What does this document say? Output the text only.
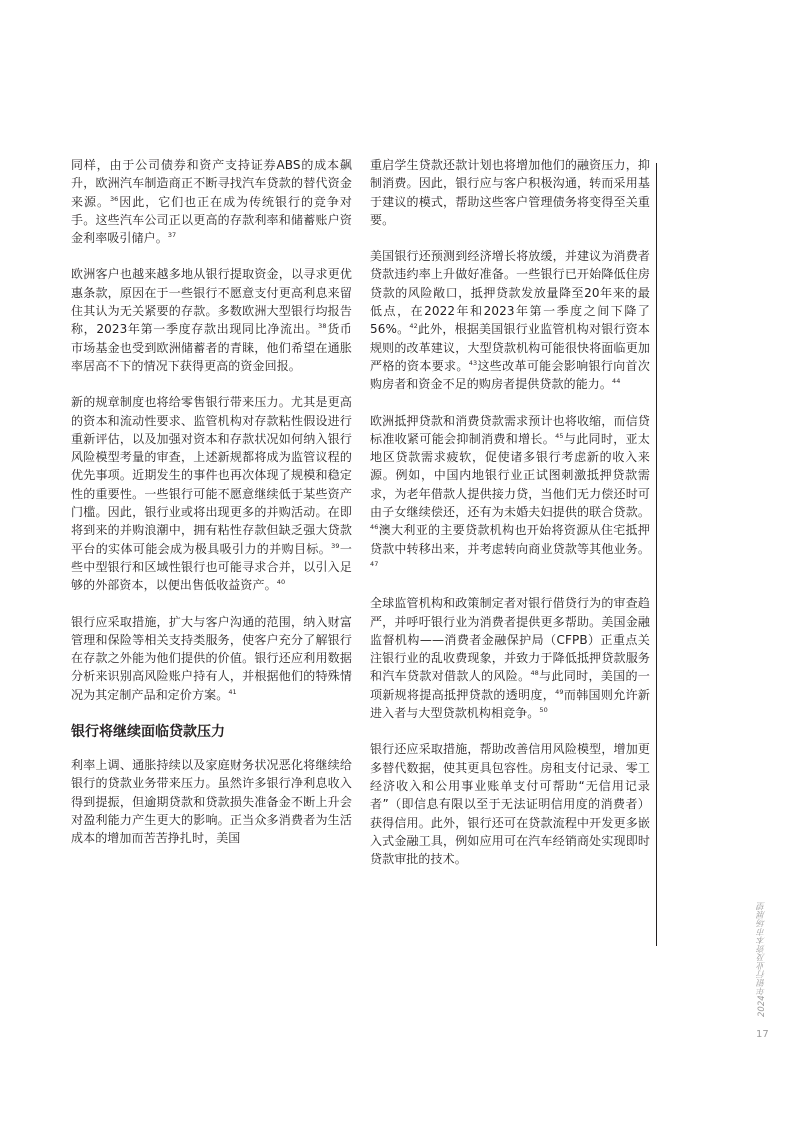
同样，由于公司债券和资产支持证券ABS的成本飙升，欧洲汽车制造商正不断寻找汽车贷款的替代资金来源。$^{36}$因此，它们也正在成为传统银行的竞争对手。这些汽车公司正以更高的存款利率和储蓄账户资金利率吸引储户。$^{37}$

欧洲客户也越来越多地从银行提取资金，以寻求更优惠条款，原因在于一些银行不愿意支付更高利息来留住其认为无关紧要的存款。多数欧洲大型银行均报告称，2023年第一季度存款出现同比净流出。$^{38}$货币市场基金也受到欧洲储蓄者的青睐，他们希望在通胀率居高不下的情况下获得更高的资金回报。

新的规章制度也将给零售银行带来压力。尤其是更高的资本和流动性要求、监管机构对存款粘性假设进行重新评估，以及加强对资本和存款状况如何纳入银行风险模型考量的审查，上述新规都将成为监管议程的优先事项。近期发生的事件也再次体现了规模和稳定性的重要性。一些银行可能不愿意继续低于某些资产门槛。因此，银行业或将出现更多的并购活动。在即将到来的并购浪潮中，拥有粘性存款但缺乏强大贷款平台的实体可能会成为极具吸引力的并购目标。$^{39}$一些中型银行和区域性银行也可能寻求合并，以引入足够的外部资本，以便出售低收益资产。$^{40}$

银行应采取措施，扩大与客户沟通的范围，纳入财富管理和保险等相关支持类服务，使客户充分了解银行在存款之外能为他们提供的价值。银行还应利用数据分析来识别高风险账户持有人，并根据他们的特殊情况为其定制产品和定价方案。$^{41}$

银行将继续面临贷款压力

利率上调、通胀持续以及家庭财务状况恶化将继续给银行的贷款业务带来压力。虽然许多银行净利息收入得到提振，但逾期贷款和贷款损失准备金不断上升会对盈利能力产生更大的影响。正当众多消费者为生活成本的增加而苦苦挣扎时，美国

重启学生贷款还款计划也将增加他们的融资压力，抑制消费。因此，银行应与客户积极沟通，转而采用基于建议的模式，帮助这些客户管理债务将变得至关重要。

美国银行还预测到经济增长将放缓，并建议为消费者贷款违约率上升做好准备。一些银行已开始降低住房贷款的风险敞口，抵押贷款发放量降至20年来的最低点，在2022年和2023年第一季度之间下降了56%。$^{42}$此外，根据美国银行业监管机构对银行资本规则的改革建议，大型贷款机构可能很快将面临更加严格的资本要求。$^{43}$这些改革可能会影响银行向首次购房者和资金不足的购房者提供贷款的能力。$^{44}$

欧洲抵押贷款和消费贷款需求预计也将收缩，而信贷标准收紧可能会抑制消费和增长。$^{45}$与此同时，亚太地区贷款需求疲软，促使诸多银行考虑新的收入来源。例如，中国内地银行业正试图刺激抵押贷款需求，为老年借款人提供接力贷，当他们无力偿还时可由子女继续偿还，还有为未婚夫妇提供的联合贷款。$^{46}$澳大利亚的主要贷款机构也开始将资源从住宅抵押贷款中转移出来，并考虑转向商业贷款等其他业务。$^{47}$

全球监管机构和政策制定者对银行借贷行为的审查趋严，并呼吁银行业为消费者提供更多帮助。美国金融监督机构——消费者金融保护局（CFPB）正重点关注银行业的乱收费现象，并致力于降低抵押贷款服务和汽车贷款对借款人的风险。$^{48}$与此同时，美国的一项新规将提高抵押贷款的透明度，$^{49}$而韩国则允许新进入者与大型贷款机构相竞争。$^{50}$

银行还应采取措施，帮助改善信用风险模型，增加更多替代数据，使其更具包容性。房租支付记录、零工经济收入和公用事业账单支付可帮助“无信用记录者”（即信息有限以至于无法证明信用度的消费者）获得信用。此外，银行还可在贷款流程中开发更多嵌入式金融工具，例如应用可在汽车经销商处实现即时贷款审批的技术。

2024年银行业及资本市场展望
17
